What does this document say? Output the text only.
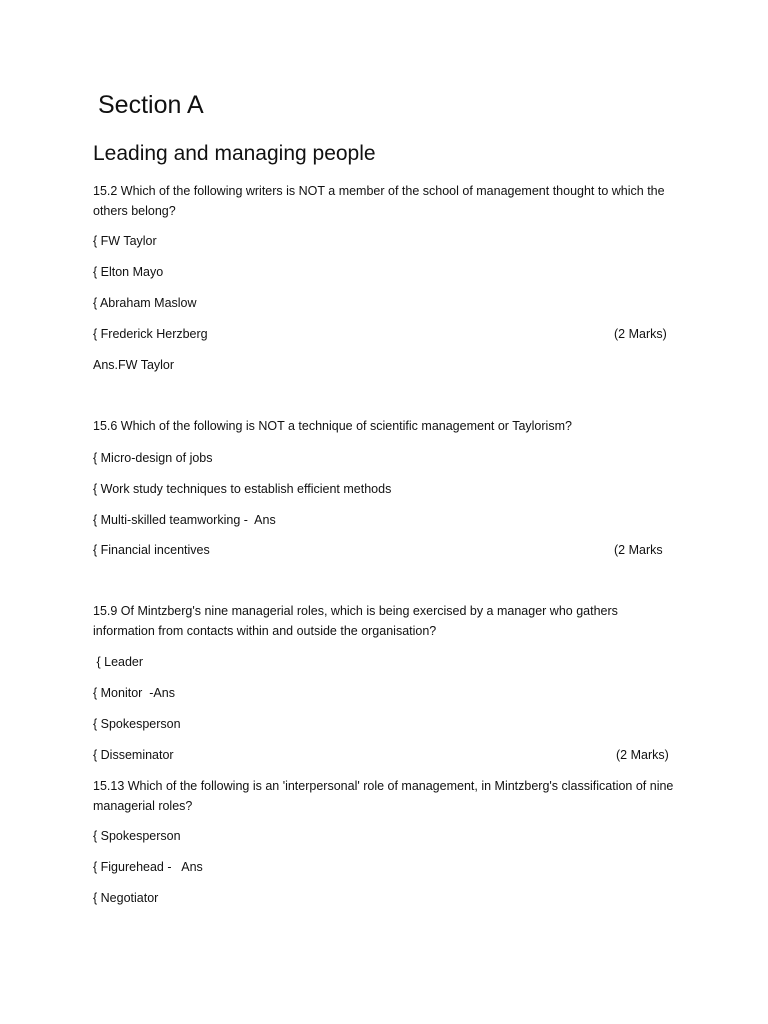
Section A
Leading and managing people
15.2 Which of the following writers is NOT a member of the school of management thought to which the others belong?
{ FW Taylor
{ Elton Mayo
{ Abraham Maslow
{ Frederick Herzberg	(2 Marks)
Ans.FW Taylor
15.6 Which of the following is NOT a technique of scientific management or Taylorism?
{ Micro-design of jobs
{ Work study techniques to establish efficient methods
{ Multi-skilled teamworking -  Ans
{ Financial incentives	(2 Marks
15.9 Of Mintzberg's nine managerial roles, which is being exercised by a manager who gathers information from contacts within and outside the organisation?
{ Leader
{ Monitor  -Ans
{ Spokesperson
{ Disseminator	(2 Marks)
15.13 Which of the following is an 'interpersonal' role of management, in Mintzberg's classification of nine managerial roles?
{ Spokesperson
{ Figurehead -   Ans
{ Negotiator
